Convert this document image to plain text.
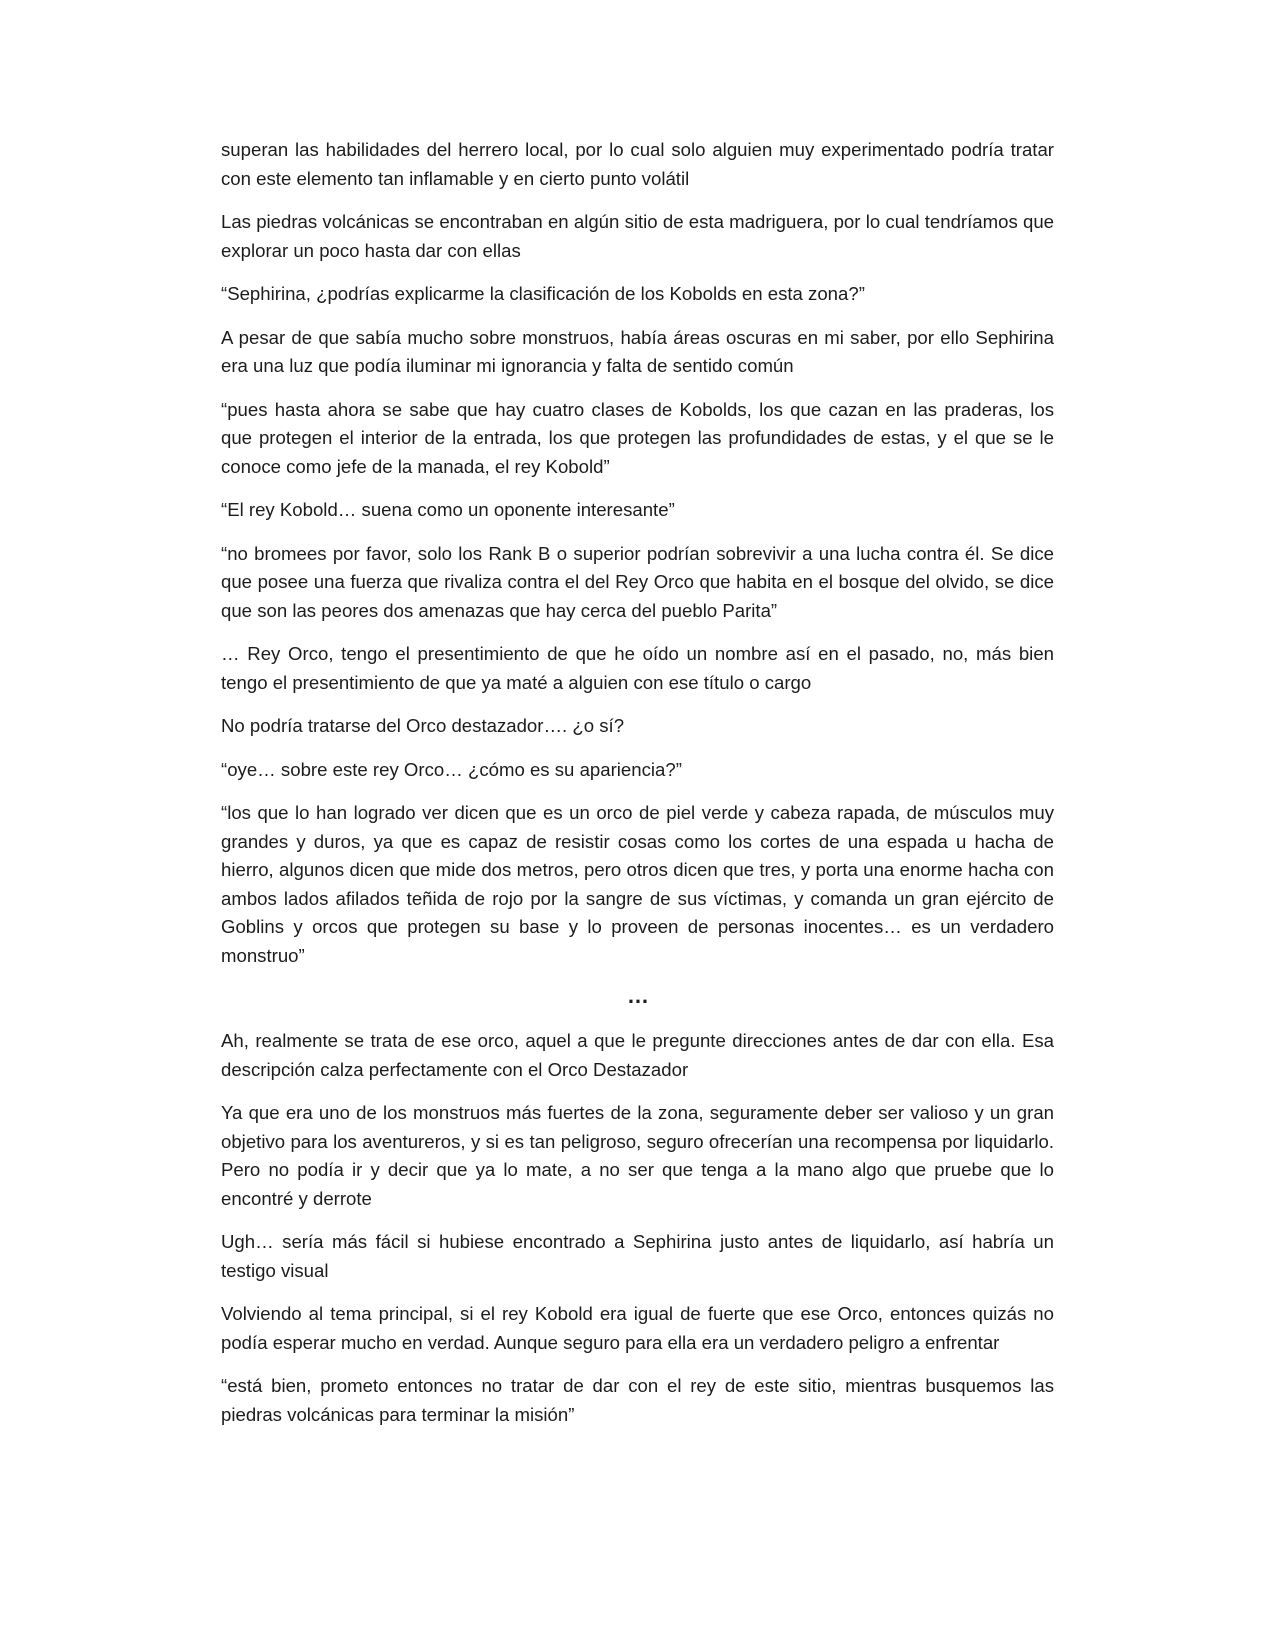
superan las habilidades del herrero local, por lo cual solo alguien muy experimentado podría tratar con este elemento tan inflamable y en cierto punto volátil

Las piedras volcánicas se encontraban en algún sitio de esta madriguera, por lo cual tendríamos que explorar un poco hasta dar con ellas

“Sephirina, ¿podrías explicarme la clasificación de los Kobolds en esta zona?”

A pesar de que sabía mucho sobre monstruos, había áreas oscuras en mi saber, por ello Sephirina era una luz que podía iluminar mi ignorancia y falta de sentido común

“pues hasta ahora se sabe que hay cuatro clases de Kobolds, los que cazan en las praderas, los que protegen el interior de la entrada, los que protegen las profundidades de estas, y el que se le conoce como jefe de la manada, el rey Kobold”

“El rey Kobold… suena como un oponente interesante”

“no bromees por favor, solo los Rank B o superior podrían sobrevivir a una lucha contra él. Se dice que posee una fuerza que rivaliza contra el del Rey Orco que habita en el bosque del olvido, se dice que son las peores dos amenazas que hay cerca del pueblo Parita”

… Rey Orco, tengo el presentimiento de que he oído un nombre así en el pasado, no, más bien tengo el presentimiento de que ya maté a alguien con ese título o cargo

No podría tratarse del Orco destazador…. ¿o sí?

“oye… sobre este rey Orco… ¿cómo es su apariencia?”

“los que lo han logrado ver dicen que es un orco de piel verde y cabeza rapada, de músculos muy grandes y duros, ya que es capaz de resistir cosas como los cortes de una espada u hacha de hierro, algunos dicen que mide dos metros, pero otros dicen que tres, y porta una enorme hacha con ambos lados afilados teñida de rojo por la sangre de sus víctimas, y comanda un gran ejército de Goblins y orcos que protegen su base y lo proveen de personas inocentes… es un verdadero monstruo”

…

Ah, realmente se trata de ese orco, aquel a que le pregunte direcciones antes de dar con ella. Esa descripción calza perfectamente con el Orco Destazador

Ya que era uno de los monstruos más fuertes de la zona, seguramente deber ser valioso y un gran objetivo para los aventureros, y si es tan peligroso, seguro ofrecerían una recompensa por liquidarlo. Pero no podía ir y decir que ya lo mate, a no ser que tenga a la mano algo que pruebe que lo encontré y derrote

Ugh… sería más fácil si hubiese encontrado a Sephirina justo antes de liquidarlo, así habría un testigo visual

Volviendo al tema principal, si el rey Kobold era igual de fuerte que ese Orco, entonces quizás no podía esperar mucho en verdad. Aunque seguro para ella era un verdadero peligro a enfrentar

“está bien, prometo entonces no tratar de dar con el rey de este sitio, mientras busquemos las piedras volcánicas para terminar la misión”
